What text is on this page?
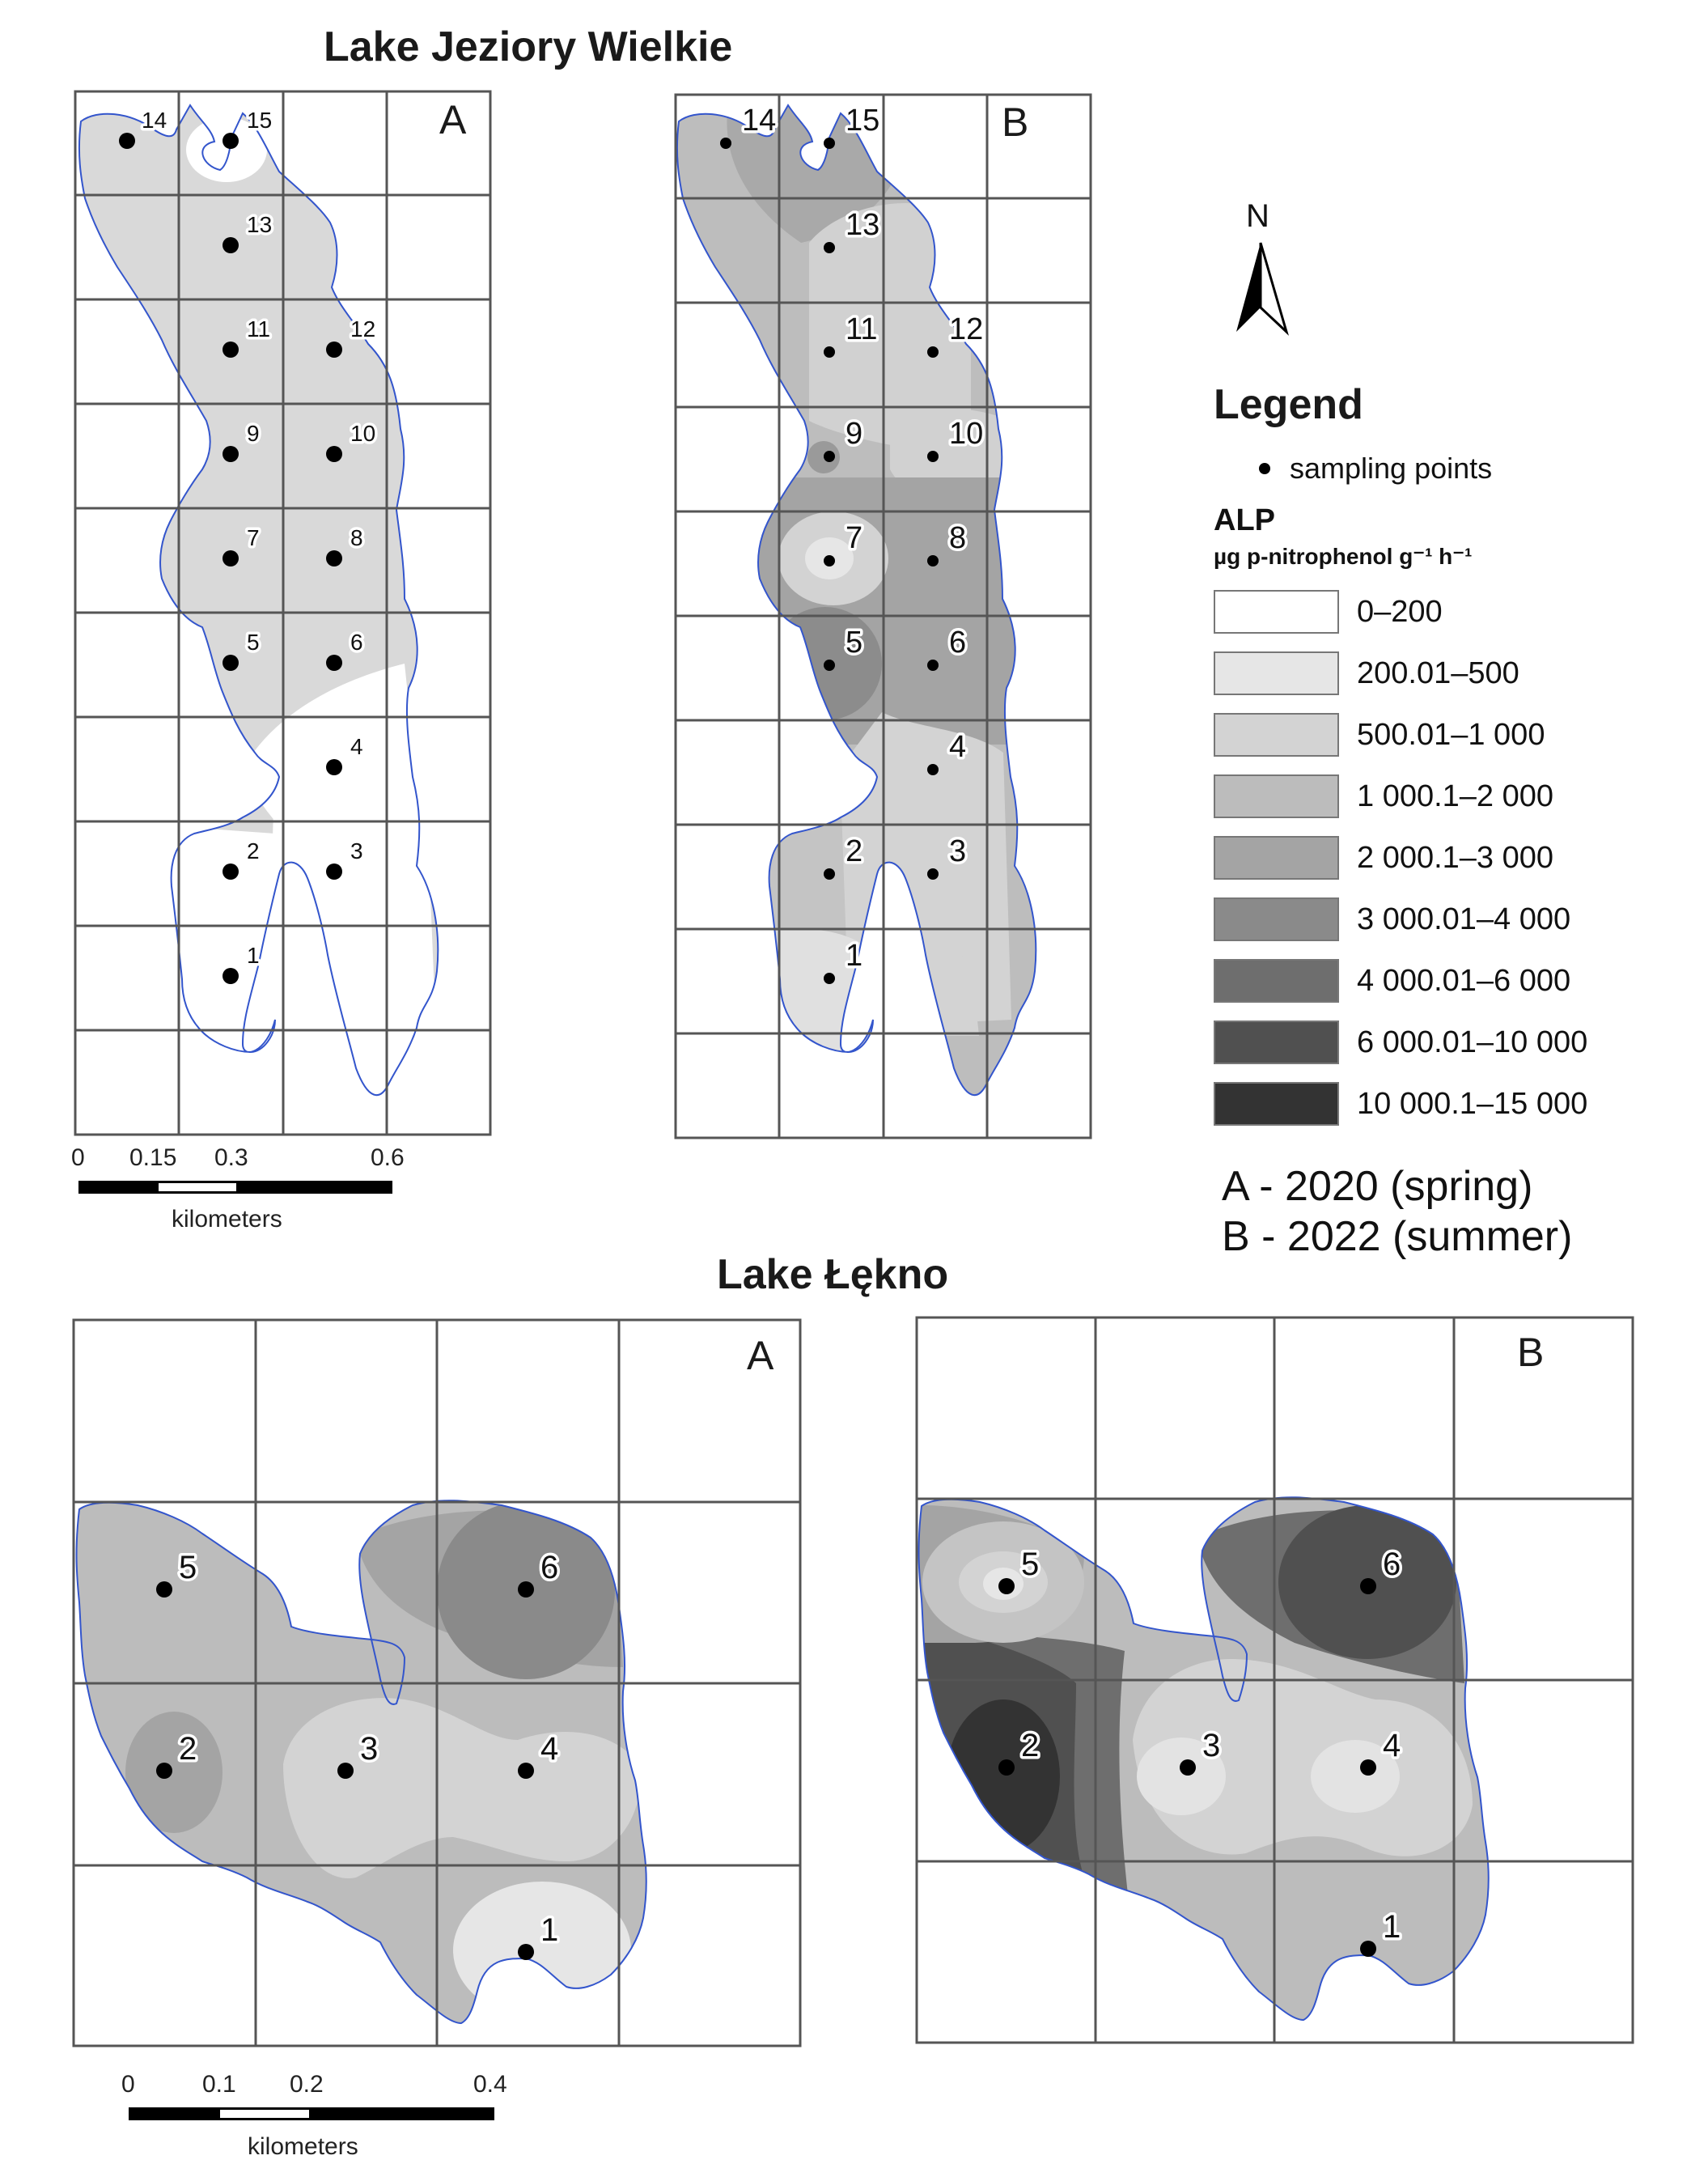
Lake Jeziory Wielkie
Lake Łękno
A
1
2	3
4
5	6
7	8
9	10
11	12
13
14	15	B
1
2	3
4
5	6
7	8
9	10
11 12
13
14 15
0 0.15 0.3	0.6
kilometers
A
1
2	3	4
5	6
B
1
2	3	4
5	6
0	0.1 0.2	0.4
kilometers
N
Legend
sampling points
ALP
µg p-nitrophenol g⁻¹ h⁻¹
0–200
200.01–500
500.01–1 000
1 000.1–2 000
2 000.1–3 000
3 000.01–4 000
4 000.01–6 000
6 000.01–10 000
10 000.1–15 000
A - 2020 (spring)
B - 2022 (summer)
